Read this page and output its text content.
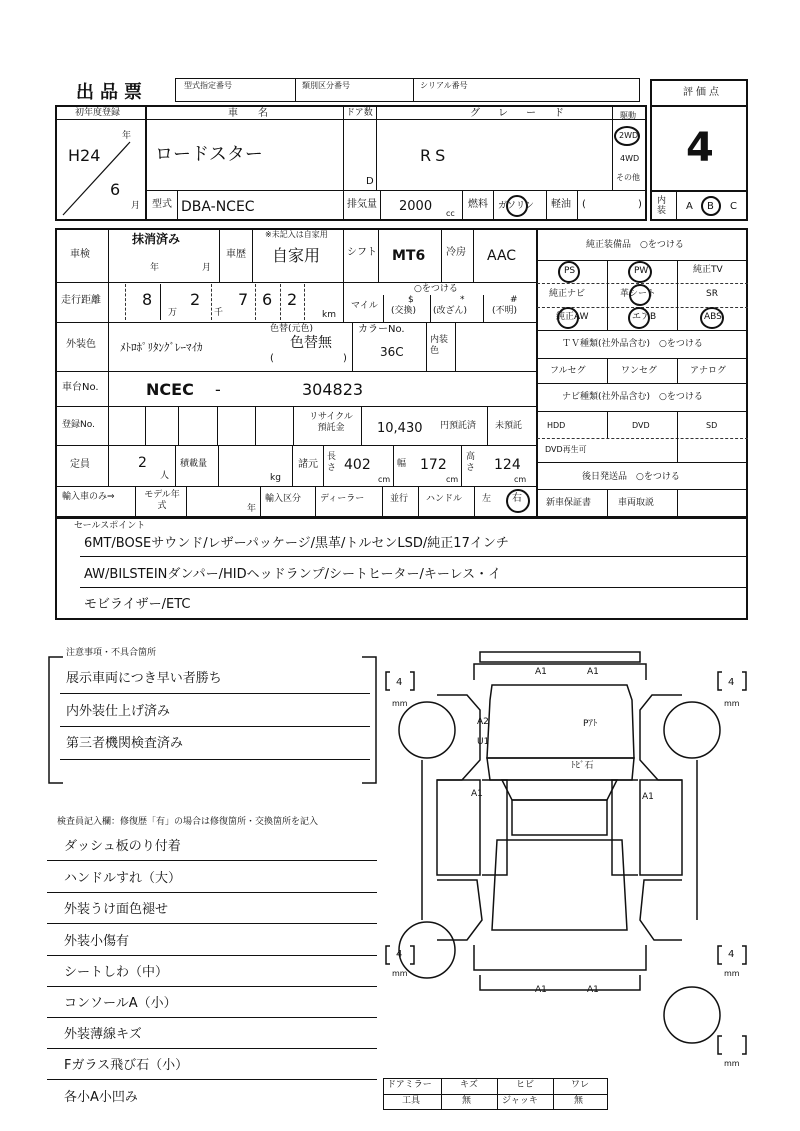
出品票	型式指定番号	類別区分番号	シリアル番号
評価点
4
内装 A B C
初年度登録
年
月
H24
6
車　　名
ロードスター
ドア数
D
グ　レ　ー　ド
RS
駆動
2WD
4WD
その他
型式 DBA-NCEC	排気量 2000 cc
燃料 ガソリン 軽油 (	)
車検
抹消済み
年	月
車歴
※未記入は自家用
自家用	シフト MT6 冷房 AAC
走行距離	8
万
2
千
7 6 2
km
○をつける
マイル
$
(交換)
*
(改ざん)
#
(不明)
外装色 ﾒﾄﾛﾎﾟﾘﾀﾝｸﾞﾚｰﾏｲｶ
色替(元色)
色替無
(	)
カラーNo.
36C
内装色
車台No.	NCEC -	304823
登録No.
リサイクル預託金	10,430 円預託済 未預託
定員	2
人
積載量
kg
諸元
長さ 402
cm
幅 172
cm
高さ 124
cm
輸入車のみ⇒	モデル年式	年
輸入区分 ディーラー	並行 ハンドル 左 右
純正装備品　○をつける
PS	PW	純正TV
純正ナビ	革シート	SR
純正AW	エアB	ABS
ＴＶ種類(社外品含む)　○をつける
フルセグ	ワンセグ	アナログ
ナビ種類(社外品含む)　○をつける
HDD	DVD	SD
DVD再生可
後日発送品　○をつける
新車保証書	車両取説
セールスポイント
6MT/BOSEサウンド/レザーパッケージ/黒革/トルセンLSD/純正17インチ
AW/BILSTEINダンパー/HIDヘッドランプ/シートヒーター/キーレス・イ
モビライザー/ETC
注意事項・不具合箇所
展示車両につき早い者勝ち
内外装仕上げ済み
第三者機関検査済み
検査員記入欄：修復歴「有」の場合は修復箇所・交換箇所を記入
ダッシュ板のり付着
ハンドルすれ（大）
外装うけ面色褪せ
外装小傷有
シートしわ（中）
コンソールA（小）
外装薄線キズ
Fガラス飛び石（小）
各小A小凹み
A1	A1
A2
U1
Pｱﾄ
ﾄﾋﾞ石
A1	A1
A1	A1
4
mm
4
mm
4
mm
4
mm
mm
ドアミラー	キズ	ヒビ	ワレ
工具	無	ジャッキ	無
